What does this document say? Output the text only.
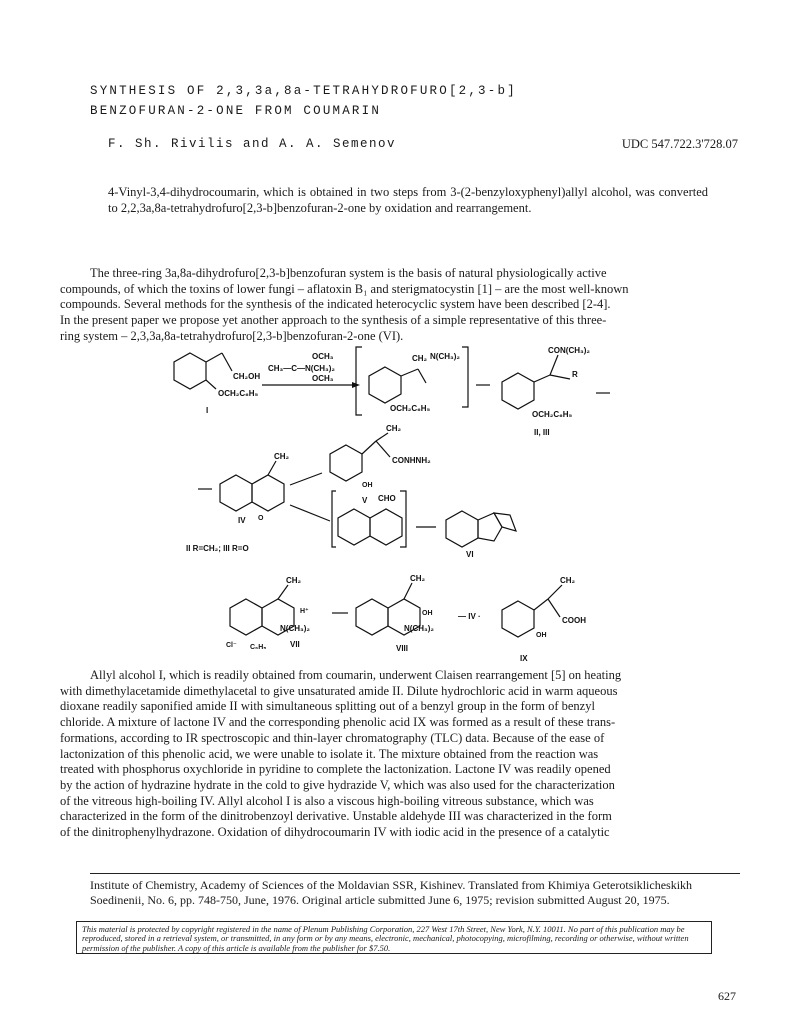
SYNTHESIS OF 2,3,3a,8a-TETRAHYDROFURO[2,3-b]
BENZOFURAN-2-ONE FROM COUMARIN
F. Sh. Rivilis and A. A. Semenov	UDC 547.722.3'728.07
4-Vinyl-3,4-dihydrocoumarin, which is obtained in two steps from 3-(2-benzyloxyphenyl)allyl alcohol, was converted to 2,2,3a,8a-tetrahydrofuro[2,3-b]benzofuran-2-one by oxidation and rearrangement.
The three-ring 3a,8a-dihydrofuro[2,3-b]benzofuran system is the basis of natural physiologically active
compounds, of which the toxins of lower fungi – aflatoxin B₁ and sterigmatocystin [1] – are the most well-known
compounds. Several methods for the synthesis of the indicated heterocyclic system have been described [2-4].
In the present paper we propose yet another approach to the synthesis of a simple representative of this three-
ring system – 2,3,3a,8a-tetrahydrofuro[2,3-b]benzofuran-2-one (VI).
CH₂OH
OCH₂C₆H₅
I
OCH₃
CH₃—C—N(CH₃)₂
OCH₃
CH₂ N(CH₃)₂
OCH₂C₆H₅
CON(CH₃)₂
R
OCH₂C₆H₅
II, III
CH₂
CONHNH₂
OH
V
CH₂
O
IV
CHO
VI
II R=CH₂; III R=O
CH₂
H⁺
N(CH₃)₂
Cl⁻ C₆H₅	VII
CH₂
OH
N(CH₃)₂
VIII
— IV ·
CH₂
COOH
OH
IX
Allyl alcohol I, which is readily obtained from coumarin, underwent Claisen rearrangement [5] on heating
with dimethylacetamide dimethylacetal to give unsaturated amide II. Dilute hydrochloric acid in warm aqueous
dioxane readily saponified amide II with simultaneous splitting out of a benzyl group in the form of benzyl
chloride. A mixture of lactone IV and the corresponding phenolic acid IX was formed as a result of these trans-
formations, according to IR spectroscopic and thin-layer chromatography (TLC) data. Because of the ease of
lactonization of this phenolic acid, we were unable to isolate it. The mixture obtained from the reaction was
treated with phosphorus oxychloride in pyridine to complete the lactonization. Lactone IV was readily opened
by the action of hydrazine hydrate in the cold to give hydrazide V, which was also used for the characterization
of the vitreous high-boiling IV. Allyl alcohol I is also a viscous high-boiling vitreous substance, which was
characterized in the form of the dinitrobenzoyl derivative. Unstable aldehyde III was characterized in the form
of the dinitrophenylhydrazone. Oxidation of dihydrocoumarin IV with iodic acid in the presence of a catalytic
Institute of Chemistry, Academy of Sciences of the Moldavian SSR, Kishinev. Translated from Khimiya Geterotsiklicheskikh Soedinenii, No. 6, pp. 748-750, June, 1976. Original article submitted June 6, 1975; revision submitted August 20, 1975.
This material is protected by copyright registered in the name of Plenum Publishing Corporation, 227 West 17th Street, New York, N.Y. 10011. No part of this publication may be reproduced, stored in a retrieval system, or transmitted, in any form or by any means, electronic, mechanical, photocopying, microfilming, recording or otherwise, without written permission of the publisher. A copy of this article is available from the publisher for $7.50.
627
